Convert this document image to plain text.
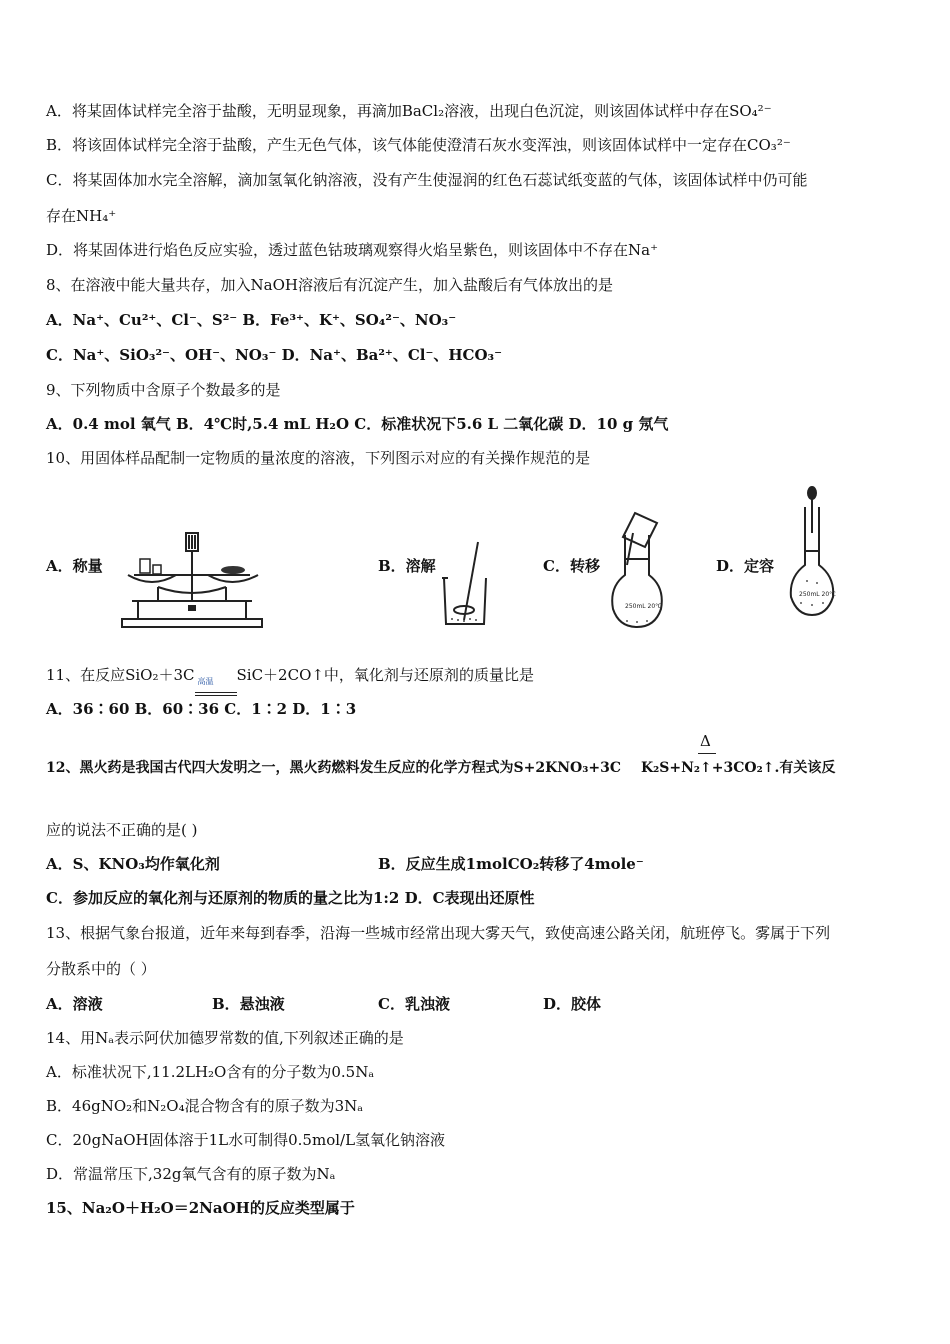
A．将某固体试样完全溶于盐酸，无明显现象，再滴加BaCl₂溶液，出现白色沉淀，则该固体试样中存在SO₄²⁻
B．将该固体试样完全溶于盐酸，产生无色气体，该气体能使澄清石灰水变浑浊，则该固体试样中一定存在CO₃²⁻
C．将某固体加水完全溶解，滴加氢氧化钠溶液，没有产生使湿润的红色石蕊试纸变蓝的气体，该固体试样中仍可能
存在NH₄⁺
D．将某固体进行焰色反应实验，透过蓝色钴玻璃观察得火焰呈紫色，则该固体中不存在Na⁺
8、在溶液中能大量共存，加入NaOH溶液后有沉淀产生，加入盐酸后有气体放出的是
A．Na⁺、Cu²⁺、Cl⁻、S²⁻ B．Fe³⁺、K⁺、SO₄²⁻、NO₃⁻
C．Na⁺、SiO₃²⁻、OH⁻、NO₃⁻ D．Na⁺、Ba²⁺、Cl⁻、HCO₃⁻
9、下列物质中含原子个数最多的是
A．0.4 mol 氧气 B．4℃时,5.4 mL H₂O C．标准状况下5.6 L 二氧化碳 D．10 g 氖气
10、用固体样品配制一定物质的量浓度的溶液，下列图示对应的有关操作规范的是
A．称量	B．溶解	C．转移	D．定容
250mL 20℃
250mL 20℃
11、在反应SiO₂＋3C 高温 SiC＋2CO↑中，氧化剂与还原剂的质量比是
A．36∶60 B．60∶36 C．1∶2 D．1∶3
Δ
12、黑火药是我国古代四大发明之一，黑火药燃料发生反应的化学方程式为S+2KNO₃+3C K₂S+N₂↑+3CO₂↑.有关该反
应的说法不正确的是( )
A．S、KNO₃均作氧化剂	B．反应生成1molCO₂转移了4mole⁻
C．参加反应的氧化剂与还原剂的物质的量之比为1:2 D．C表现出还原性
13、根据气象台报道，近年来每到春季，沿海一些城市经常出现大雾天气，致使高速公路关闭，航班停飞。雾属于下列
分散系中的（ ）
A．溶液	B．悬浊液	C．乳浊液	D．胶体
14、用Nₐ表示阿伏加德罗常数的值,下列叙述正确的是
A．标准状况下,11.2LH₂O含有的分子数为0.5Nₐ
B．46gNO₂和N₂O₄混合物含有的原子数为3Nₐ
C．20gNaOH固体溶于1L水可制得0.5mol/L氢氧化钠溶液
D．常温常压下,32g氧气含有的原子数为Nₐ
15、Na₂O＋H₂O＝2NaOH的反应类型属于
